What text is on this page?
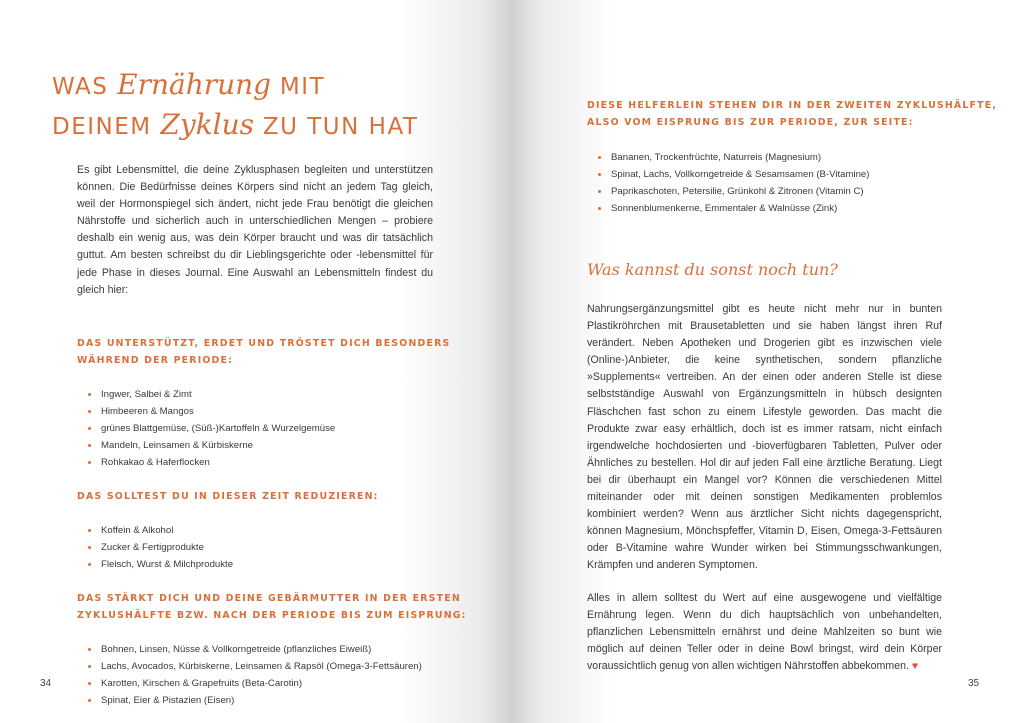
WAS Ernährung MIT
DEINEM Zyklus ZU TUN HAT

Es gibt Lebensmittel, die deine Zyklusphasen begleiten und unterstützen können. Die Bedürfnisse deines Körpers sind nicht an jedem Tag gleich, weil der Hormonspiegel sich ändert, nicht jede Frau benötigt die gleichen Nährstoffe und sicherlich auch in unterschiedlichen Mengen – probiere deshalb ein wenig aus, was dein Körper braucht und was dir tatsächlich guttut. Am besten schreibst du dir Lieblingsgerichte oder -lebensmittel für jede Phase in dieses Journal. Eine Auswahl an Lebensmitteln findest du gleich hier:

DAS UNTERSTÜTZT, ERDET UND TRÖSTET DICH BESONDERS
WÄHREND DER PERIODE:
Ingwer, Salbei & Zimt
Himbeeren & Mangos
grünes Blattgemüse, (Süß-)Kartoffeln & Wurzelgemüse
Mandeln, Leinsamen & Kürbiskerne
Rohkakao & Haferflocken
DAS SOLLTEST DU IN DIESER ZEIT REDUZIEREN:
Koffein & Alkohol
Zucker & Fertigprodukte
Fleisch, Wurst & Milchprodukte
DAS STÄRKT DICH UND DEINE GEBÄRMUTTER IN DER ERSTEN
ZYKLUSHÄLFTE BZW. NACH DER PERIODE BIS ZUM EISPRUNG:
Bohnen, Linsen, Nüsse & Vollkorngetreide (pflanzliches Eiweiß)
Lachs, Avocados, Kürbiskerne, Leinsamen & Rapsöl (Omega-3-Fettsäuren)
Karotten, Kirschen & Grapefruits (Beta-Carotin)
Spinat, Eier & Pistazien (Eisen)
34
DIESE HELFERLEIN STEHEN DIR IN DER ZWEITEN ZYKLUSHÄLFTE,
ALSO VOM EISPRUNG BIS ZUR PERIODE, ZUR SEITE:
Bananen, Trockenfrüchte, Naturreis (Magnesium)
Spinat, Lachs, Vollkorngetreide & Sesamsamen (B-Vitamine)
Paprikaschoten, Petersilie, Grünkohl & Zitronen (Vitamin C)
Sonnenblumenkerne, Emmentaler & Walnüsse (Zink)
Was kannst du sonst noch tun?

Nahrungsergänzungsmittel gibt es heute nicht mehr nur in bunten Plastikröhrchen mit Brausetabletten und sie haben längst ihren Ruf verändert. Neben Apotheken und Drogerien gibt es inzwischen viele (Online-)Anbieter, die keine synthetischen, sondern pflanzliche »Supplements« vertreiben. An der einen oder anderen Stelle ist diese selbstständige Auswahl von Ergänzungsmitteln in hübsch designten Fläschchen fast schon zu einem Lifestyle geworden. Das macht die Produkte zwar easy erhältlich, doch ist es immer ratsam, nicht einfach irgendwelche hochdosierten und -bioverfügbaren Tabletten, Pulver oder Ähnliches zu bestellen. Hol dir auf jeden Fall eine ärztliche Beratung. Liegt bei dir überhaupt ein Mangel vor? Können die verschiedenen Mittel miteinander oder mit deinen sonstigen Medikamenten problemlos kombiniert werden? Wenn aus ärztlicher Sicht nichts dagegenspricht, können Magnesium, Mönchspfeffer, Vitamin D, Eisen, Omega-3-Fettsäuren oder B-Vitamine wahre Wunder wirken bei Stimmungsschwankungen, Krämpfen und anderen Symptomen.

Alles in allem solltest du Wert auf eine ausgewogene und vielfältige Ernährung legen. Wenn du dich hauptsächlich von unbehandelten, pflanzlichen Lebensmitteln ernährst und deine Mahlzeiten so bunt wie möglich auf deinen Teller oder in deine Bowl bringst, wird dein Körper voraussichtlich genug von allen wichtigen Nährstoffen abbekommen. ♥

35
